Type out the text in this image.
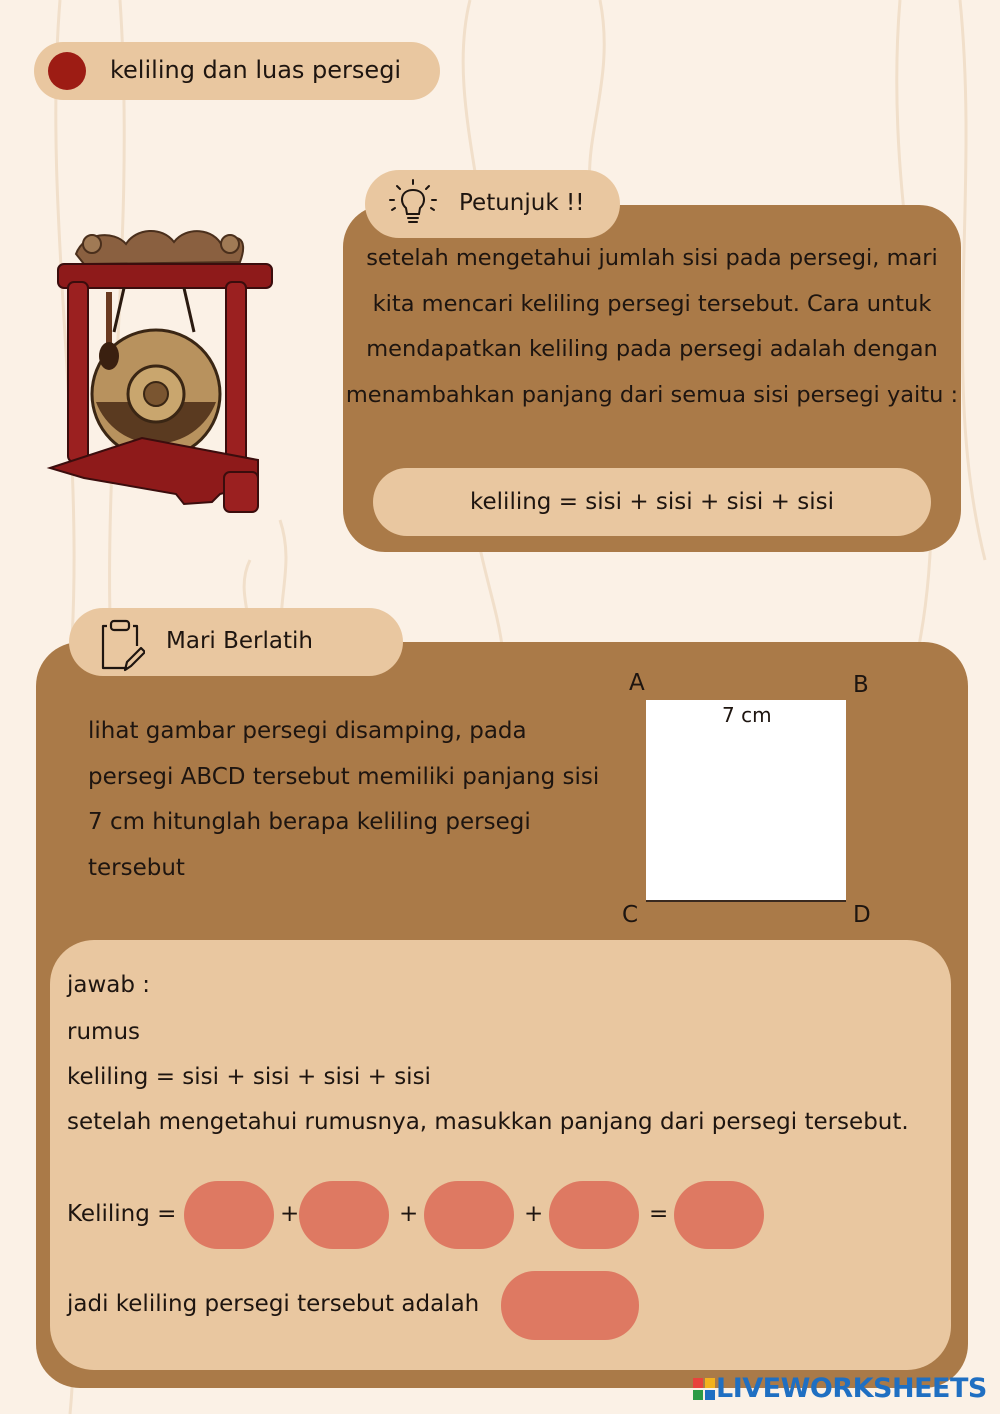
keliling dan luas persegi
Petunjuk !!
setelah mengetahui jumlah sisi pada persegi, mari kita mencari keliling persegi tersebut. Cara untuk mendapatkan keliling pada persegi adalah dengan menambahkan panjang dari semua sisi persegi yaitu :
keliling = sisi + sisi + sisi + sisi
Mari Berlatih
lihat gambar persegi disamping, pada persegi ABCD tersebut memiliki panjang sisi 7 cm hitunglah berapa keliling persegi tersebut
A	B
C	D
7 cm
jawab :
rumus
keliling = sisi + sisi + sisi + sisi
setelah mengetahui rumusnya, masukkan panjang dari persegi tersebut.
Keliling =	+	+	+	=
jadi keliling persegi tersebut adalah
LIVEWORKSHEETS
